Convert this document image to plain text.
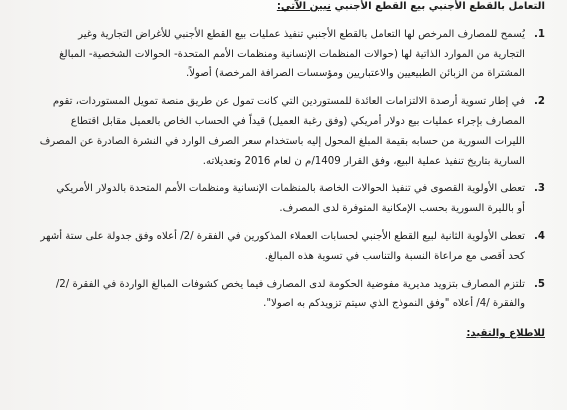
التعامل بالقطع الأجنبي بيع القطع الأجنبي نبين الآتي:

1.

يُسمح للمصارف المرخص لها التعامل بالقطع الأجنبي تنفيذ عمليات بيع القطع الأجنبي للأغراض التجارية وغير

التجارية من الموارد الذاتية لها (حوالات المنظمات الإنسانية ومنظمات الأمم المتحدة- الحوالات الشخصية- المبالغ

المشتراة من الزبائن الطبيعيين والاعتباريين ومؤسسات الصرافة المرخصة) أصولاً.

2.

في إطار تسوية أرصدة الالتزامات العائدة للمستوردين التي كانت تمول عن طريق منصة تمويل المستوردات، تقوم

المصارف بإجراء عمليات بيع دولار أمريكي (وفق رغبة العميل) قيداً في الحساب الخاص بالعميل مقابل اقتطاع

الليرات السورية من حسابه بقيمة المبلغ المحول إليه باستخدام سعر الصرف الوارد في النشرة الصادرة عن المصرف

السارية بتاريخ تنفيذ عملية البيع، وفق القرار 1409/م ن لعام 2016 وتعديلاته.

3.

تعطى الأولوية القصوى في تنفيذ الحوالات الخاصة بالمنظمات الإنسانية ومنظمات الأمم المتحدة بالدولار الأمريكي

أو بالليرة السورية بحسب الإمكانية المتوفرة لدى المصرف.

4.

تعطى الأولوية الثانية لبيع القطع الأجنبي لحسابات العملاء المذكورين في الفقرة /2/ أعلاه وفق جدولة على ستة أشهر

كحد أقصى مع مراعاة النسبة والتناسب في تسوية هذه المبالغ.

5.

تلتزم المصارف بتزويد مديرية مفوضية الحكومة لدى المصارف فيما يخص كشوفات المبالغ الواردة في الفقرة /2/

والفقرة /4/ أعلاه "وفق النموذج الذي سيتم تزويدكم به اصولا".

للاطلاع والتقيد:
